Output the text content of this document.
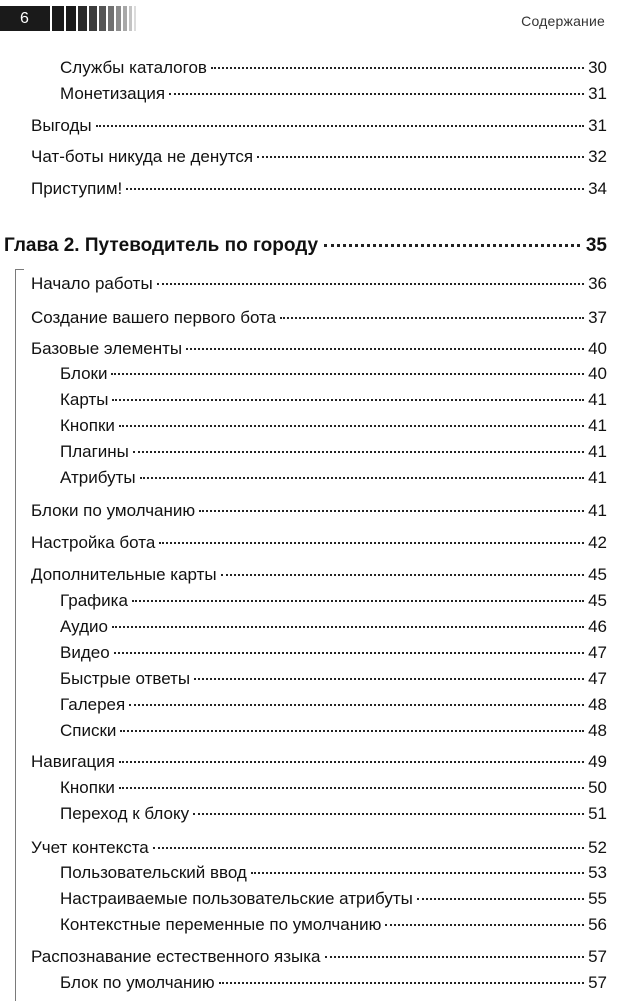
6	Содержание
Службы каталогов	30
Монетизация	31
Выгоды	31
Чат-боты никуда не денутся	32
Приступим!	34
Глава 2. Путеводитель по городу	35
Начало работы	36
Создание вашего первого бота	37
Базовые элементы	40
Блоки	40
Карты	41
Кнопки	41
Плагины	41
Атрибуты	41
Блоки по умолчанию	41
Настройка бота	42
Дополнительные карты	45
Графика	45
Аудио	46
Видео	47
Быстрые ответы	47
Галерея	48
Списки	48
Навигация	49
Кнопки	50
Переход к блоку	51
Учет контекста	52
Пользовательский ввод	53
Настраиваемые пользовательские атрибуты	55
Контекстные переменные по умолчанию	56
Распознавание естественного языка	57
Блок по умолчанию	57
